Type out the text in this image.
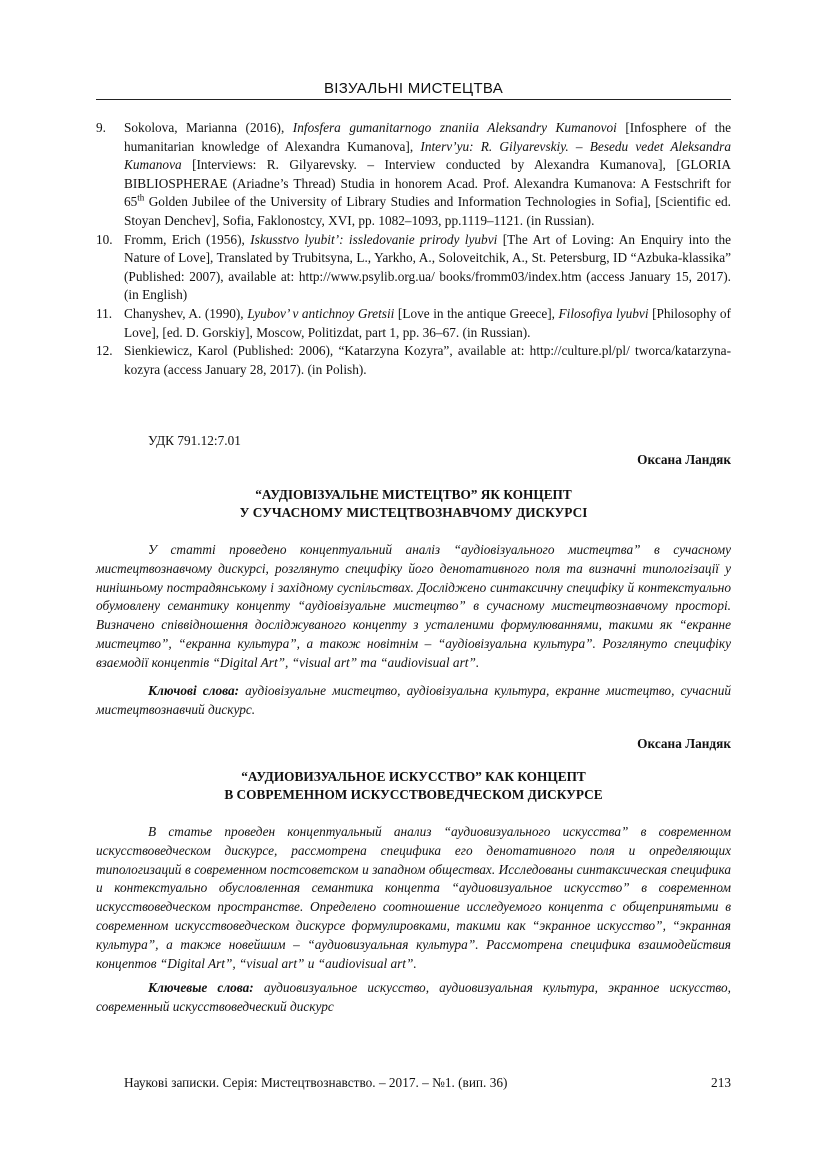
ВІЗУАЛЬНІ МИСТЕЦТВА
9.	Sokolova, Marianna (2016), Infosfera gumanitarnogo znaniia Aleksandry Kumanovoi [Infosphere of the humanitarian knowledge of Alexandra Kumanova], Interv’yu: R. Gilyarevskiy. – Besedu vedet Aleksandra Kumanova [Interviews: R. Gilyarevsky. – Interview conducted by Alexandra Kumanova], [GLORIA BIBLIOSPHERAE (Ariadne’s Thread) Studia in honorem Acad. Prof. Alexandra Kumanova: A Festschrift for 65th Golden Jubilee of the University of Library Studies and Information Technologies in Sofia], [Scientific ed. Stoyan Denchev], Sofia, Faklonostcy, XVI, pp. 1082–1093, pp.1119–1121. (in Russian).
10. Fromm, Erich (1956), Iskusstvo lyubit’: issledovanie prirody lyubvi [The Art of Loving: An Enquiry into the Nature of Love], Translated by Trubitsyna, L., Yarkho, A., Soloveitchik, A., St. Petersburg, ID “Azbuka-klassika” (Published: 2007), available at: http://www.psylib.org.ua/ books/fromm03/index.htm (access January 15, 2017). (in English)
11. Chanyshev, A. (1990), Lyubov’ v antichnoy Gretsii [Love in the antique Greece], Filosofiya lyubvi [Philosophy of Love], [ed. D. Gorskiy], Moscow, Politizdat, part 1, pp. 36–67. (in Russian).
12. Sienkiewicz, Karol (Published: 2006), “Katarzyna Kozyra”, available at: http://culture.pl/pl/ tworca/katarzyna-kozyra (access January 28, 2017). (in Polish).
УДК 791.12:7.01
Оксана Ландяк
“АУДІОВІЗУАЛЬНЕ МИСТЕЦТВО” ЯК КОНЦЕПТ
У СУЧАСНОМУ МИСТЕЦТВОЗНАВЧОМУ ДИСКУРСІ

У статті проведено концептуальний аналіз “аудіовізуального мистецтва” в сучасному мистецтвознавчому дискурсі, розглянуто специфіку його денотативного поля та визначні типологізації у нинішньому пострадянському і західному суспільствах. Досліджено синтаксичну специфіку й контекстуально обумовлену семантику концепту “аудіовізуальне мистецтво” в сучасному мистецтвознавчому просторі. Визначено співвідношення досліджуваного концепту з усталеними формулюваннями, такими як “екранне мистецтво”, “екранна культура”, а також новітнім – “аудіовізуальна культура”. Розглянуто специфіку взаємодії концептів “Digital Art”, “visual art” та “audiovisual art”.

Ключові слова: аудіовізуальне мистецтво, аудіовізуальна культура, екранне мистецтво, сучасний мистецтвознавчий дискурс.

Оксана Ландяк
“АУДИОВИЗУАЛЬНОЕ ИСКУССТВО” КАК КОНЦЕПТ
В СОВРЕМЕННОМ ИСКУССТВОВЕДЧЕСКОМ ДИСКУРСЕ

В статье проведен концептуальный анализ “аудиовизуального искусства” в современном искусствоведческом дискурсе, рассмотрена специфика его денотативного поля и определяющих типологизаций в современном постсоветском и западном обществах. Исследованы синтаксическая специфика и контекстуально обусловленная семантика концепта “аудиовизуальное искусство” в современном искусствоведческом пространстве. Определено соотношение исследуемого концепта с общепринятыми в современном искусствоведческом дискурсе формулировками, такими как “экранное искусство”, “экранная культура”, а также новейшим – “аудиовизуальная культура”. Рассмотрена специфика взаимодействия концептов “Digital Art”, “visual art” и “audiovisual art”.

Ключевые слова: аудиовизуальное искусство, аудиовизуальная культура, экранное искусство, современный искусствоведческий дискурс

Наукові записки. Серія: Мистецтвознавство. – 2017. – №1. (вип. 36)	213
